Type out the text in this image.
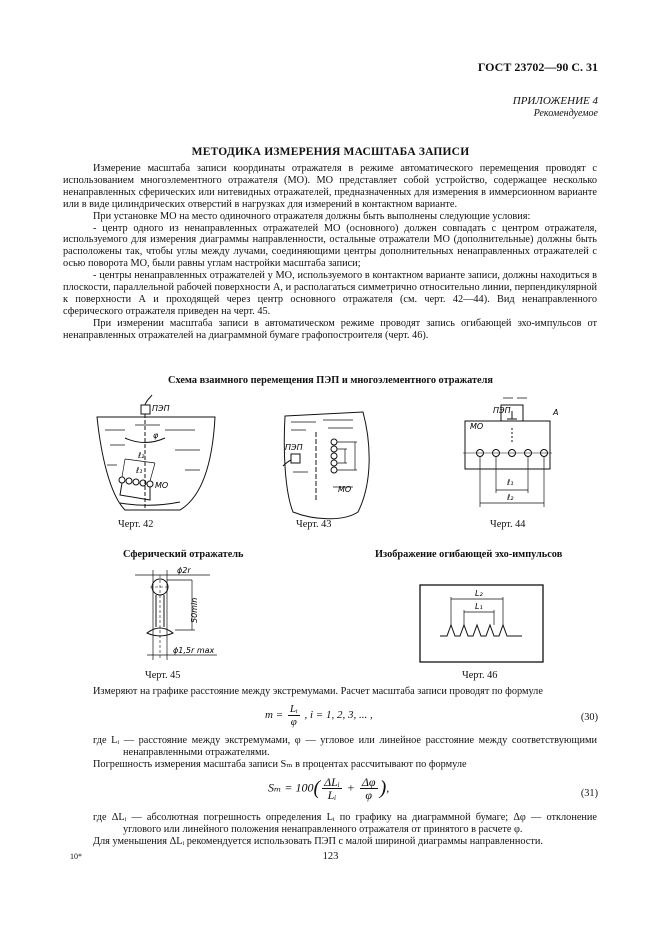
ГОСТ 23702—90 С. 31
ПРИЛОЖЕНИЕ 4
Рекомендуемое
МЕТОДИКА ИЗМЕРЕНИЯ МАСШТАБА ЗАПИСИ

Измерение масштаба записи координаты отражателя в режиме автоматического перемещения проводят с использованием многоэлементного отражателя (МО). МО представляет собой устройство, содержащее несколько ненаправленных сферических или нитевидных отражателей, предназначенных для измерения в иммерсионном варианте или в виде цилиндрических отверстий в нагрузках для измерений в контактном варианте.

При установке МО на место одиночного отражателя должны быть выполнены следующие условия:

- центр одного из ненаправленных отражателей МО (основного) должен совпадать с центром отражателя, используемого для измерения диаграммы направленности, остальные отражатели МО (дополнительные) должны быть расположены так, чтобы углы между лучами, соединяющими центры дополнительных ненаправленных отражателей с осью поворота МО, были равны углам настройки масштаба записи;

- центры ненаправленных отражателей у МО, используемого в контактном варианте записи, должны находиться в плоскости, параллельной рабочей поверхности А, и располагаться симметрично относительно линии, перпендикулярной к поверхности А и проходящей через центр основного отражателя (см. черт. 42—44). Вид ненаправленного сферического отражателя приведен на черт. 45.

При измерении масштаба записи в автоматическом режиме проводят запись огибающей эхо-импульсов от ненаправленных отражателей на диаграммной бумаге графопостроителя (черт. 46).

Схема взаимного перемещения ПЭП и многоэлементного отражателя
ПЭП
φ
ℓ₂
ℓ₁
МО
Черт. 42
ПЭП
МО
Черт. 43
ПЭП
МО
A
ℓ₁
ℓ₂
Черт. 44
Сферический отражатель	Изображение огибающей эхо-импульсов
ϕ2r
50min
ϕ1,5r max
Черт. 45
L₂
L₁
Черт. 46

Измеряют на графике расстояние между экстремумами. Расчет масштаба записи проводят по формуле

$m = \frac{\text{Lᵢ}}{\varphi}$ , i = 1, 2, 3, ... ,	(30)

где Lᵢ — расстояние между экстремумами, φ — угловое или линейное расстояние между соответствующими ненаправленными отражателями.

Погрешность измерения масштаба записи Sₘ в процентах рассчитывают по формуле

$S_m = 100( \frac{\text{ΔLᵢ}}{\text{Lᵢ}} + \frac{\Delta\varphi}{\varphi}$ ),	(31)

где ΔLᵢ — абсолютная погрешность определения Lᵢ по графику на диаграммной бумаге; Δφ — отклонение углового или линейного положения ненаправленного отражателя от принятого в расчете φ.

Для уменьшения ΔLᵢ рекомендуется использовать ПЭП с малой шириной диаграммы направленности.

10*	123
